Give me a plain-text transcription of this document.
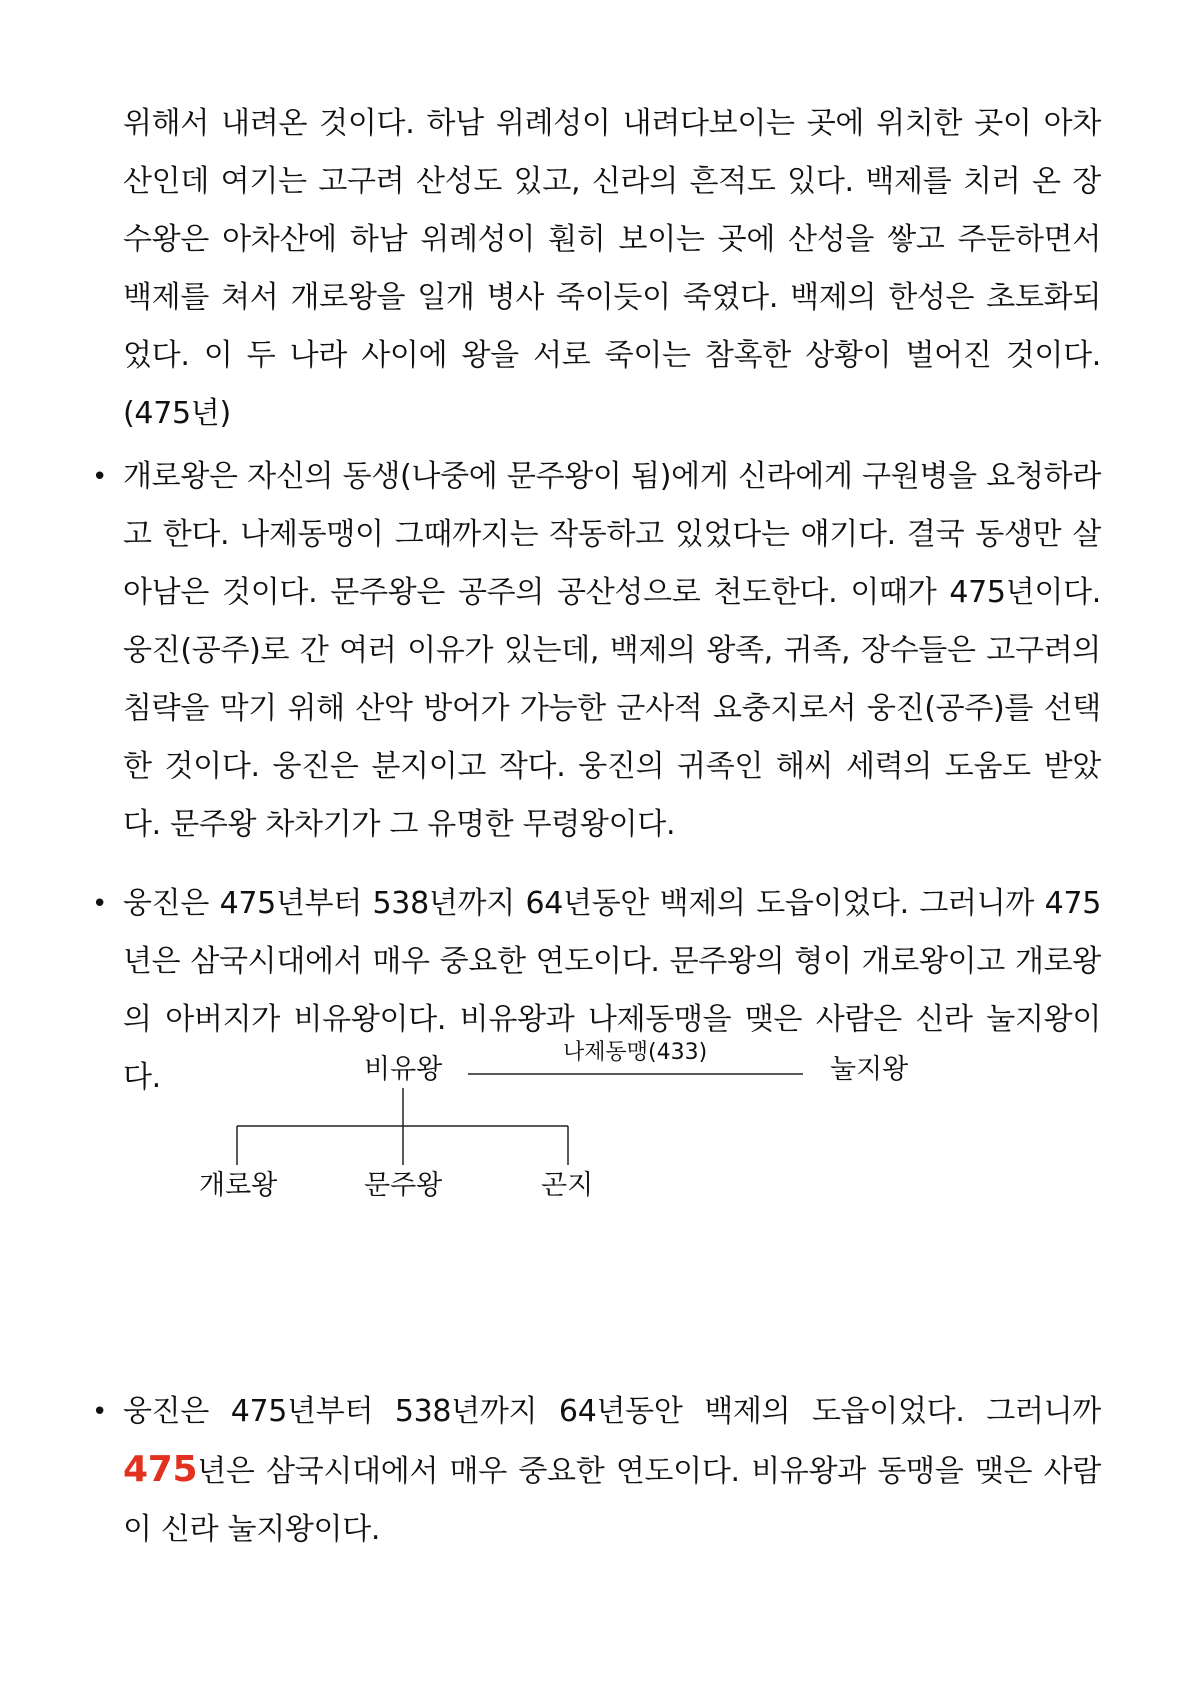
위해서 내려온 것이다. 하남 위례성이 내려다보이는 곳에 위치한 곳이 아차산인데 여기는 고구려 산성도 있고, 신라의 흔적도 있다. 백제를 치러 온 장수왕은 아차산에 하남 위례성이 훤히 보이는 곳에 산성을 쌓고 주둔하면서 백제를 쳐서 개로왕을 일개 병사 죽이듯이 죽였다. 백제의 한성은 초토화되었다. 이 두 나라 사이에 왕을 서로 죽이는 참혹한 상황이 벌어진 것이다.(475년)

• 개로왕은 자신의 동생(나중에 문주왕이 됨)에게 신라에게 구원병을 요청하라고 한다. 나제동맹이 그때까지는 작동하고 있었다는 얘기다. 결국 동생만 살아남은 것이다. 문주왕은 공주의 공산성으로 천도한다. 이때가 475년이다. 웅진(공주)로 간 여러 이유가 있는데, 백제의 왕족, 귀족, 장수들은 고구려의 침략을 막기 위해 산악 방어가 가능한 군사적 요충지로서 웅진(공주)를 선택한 것이다. 웅진은 분지이고 작다. 웅진의 귀족인 해씨 세력의 도움도 받았다. 문주왕 차차기가 그 유명한 무령왕이다.

• 웅진은 475년부터 538년까지 64년동안 백제의 도읍이었다. 그러니까 475년은 삼국시대에서 매우 중요한 연도이다. 문주왕의 형이 개로왕이고 개로왕의 아버지가 비유왕이다. 비유왕과 나제동맹을 맺은 사람은 신라 눌지왕이다.	비유왕	눌지왕
나제동맹(433)
개로왕	문주왕	곤지
• 웅진은 475년부터 538년까지 64년동안 백제의 도읍이었다. 그러니까 475년은 삼국시대에서 매우 중요한 연도이다. 비유왕과 동맹을 맺은 사람이 신라 눌지왕이다.
